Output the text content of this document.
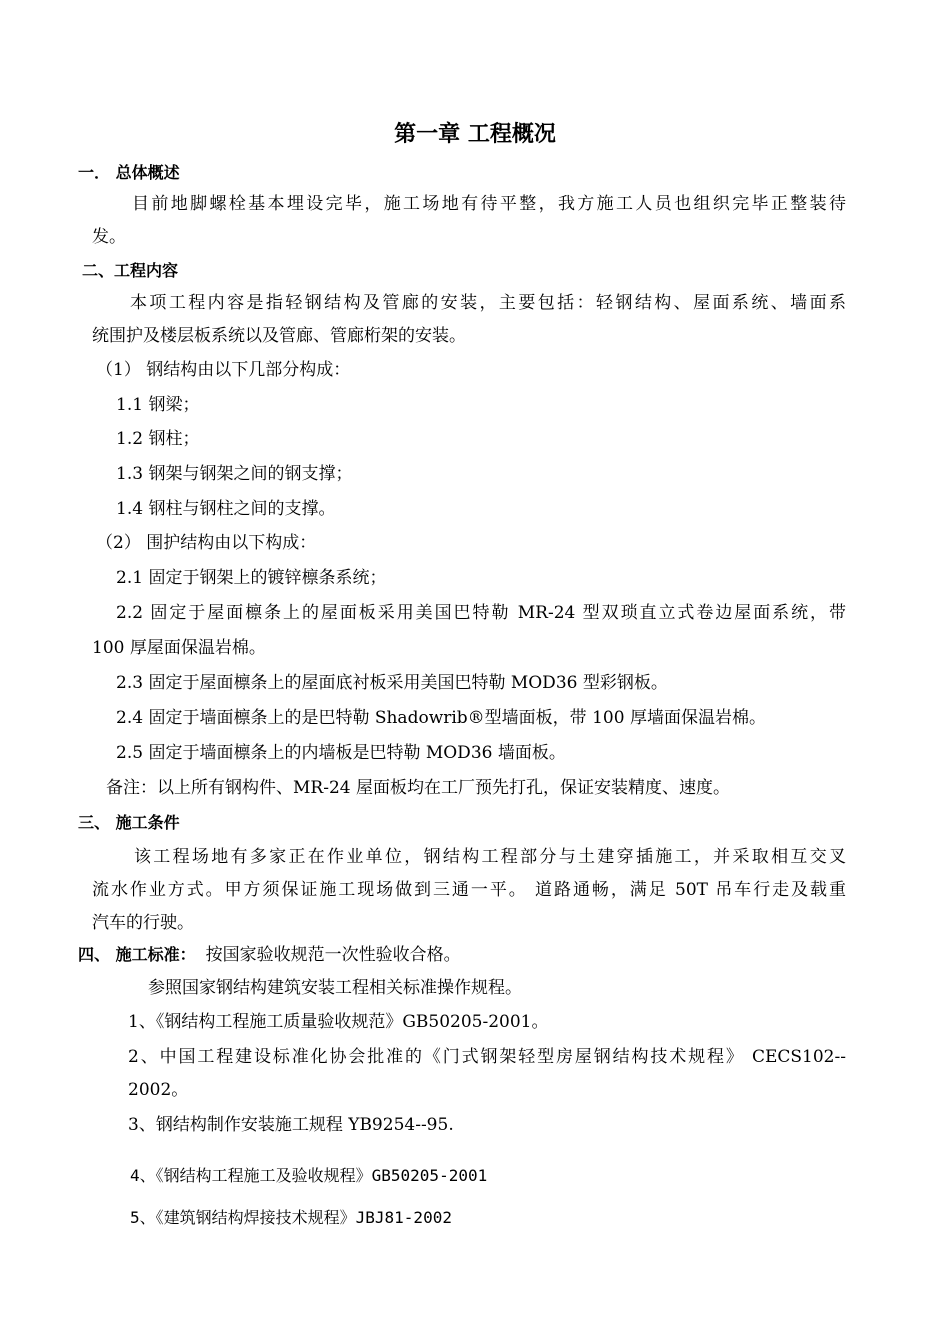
第一章 工程概况
一． 总体概述
目前地脚螺栓基本埋设完毕，施工场地有待平整，我方施工人员也组织完毕正整装待
发。
二、工程内容
本项工程内容是指轻钢结构及管廊的安装，主要包括：轻钢结构、屋面系统、墙面系
统围护及楼层板系统以及管廊、管廊桁架的安装。
（1） 钢结构由以下几部分构成：
1.1 钢梁；
1.2 钢柱；
1.3 钢架与钢架之间的钢支撑；
1.4 钢柱与钢柱之间的支撑。
（2） 围护结构由以下构成：
2.1 固定于钢架上的镀锌檩条系统；
2.2 固定于屋面檩条上的屋面板采用美国巴特勒 MR-24 型双琐直立式卷边屋面系统，带
100 厚屋面保温岩棉。
2.3 固定于屋面檩条上的屋面底衬板采用美国巴特勒 MOD36 型彩钢板。
2.4 固定于墙面檩条上的是巴特勒 Shadowrib®型墙面板，带 100 厚墙面保温岩棉。
2.5 固定于墙面檩条上的内墙板是巴特勒 MOD36 墙面板。
备注：以上所有钢构件、MR-24 屋面板均在工厂预先打孔，保证安装精度、速度。
三、 施工条件
该工程场地有多家正在作业单位，钢结构工程部分与土建穿插施工，并采取相互交叉
流水作业方式。甲方须保证施工现场做到三通一平。 道路通畅，满足 50T 吊车行走及载重
汽车的行驶。
四、 施工标准： 按国家验收规范一次性验收合格。
参照国家钢结构建筑安装工程相关标准操作规程。
1、《钢结构工程施工质量验收规范》GB50205-2001。
2、中国工程建设标准化协会批准的《门式钢架轻型房屋钢结构技术规程》 CECS102--
2002。
3、钢结构制作安装施工规程 YB9254--95.
4、《钢结构工程施工及验收规程》GB50205-2001
5、《建筑钢结构焊接技术规程》JBJ81-2002
